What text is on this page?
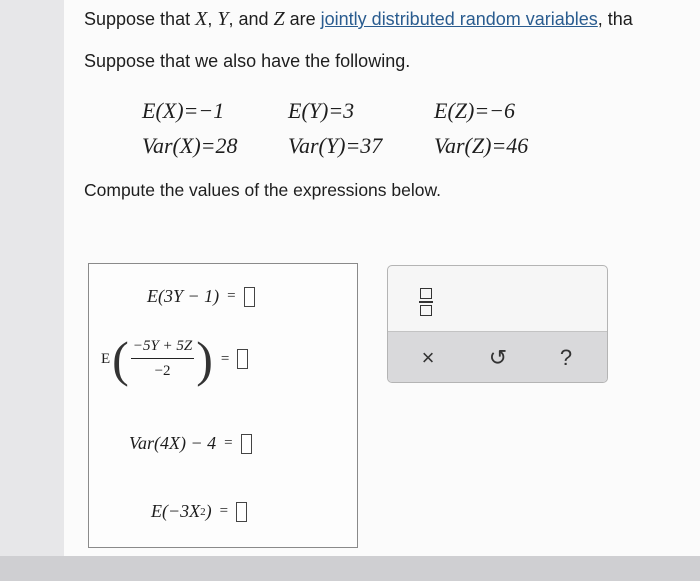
Suppose that X, Y, and Z are jointly distributed random variables, tha
Suppose that we also have the following.
E(X)=−1	E(Y)=3	E(Z)=−6
Var(X)=28	Var(Y)=37	Var(Z)=46
Compute the values of the expressions below.
E(3Y − 1) =
E ( $\frac{-5Y + 5Z}{-2}$ ) =
Var(4X) − 4 =
E(−3X 2 ) =
× ↺ ?
